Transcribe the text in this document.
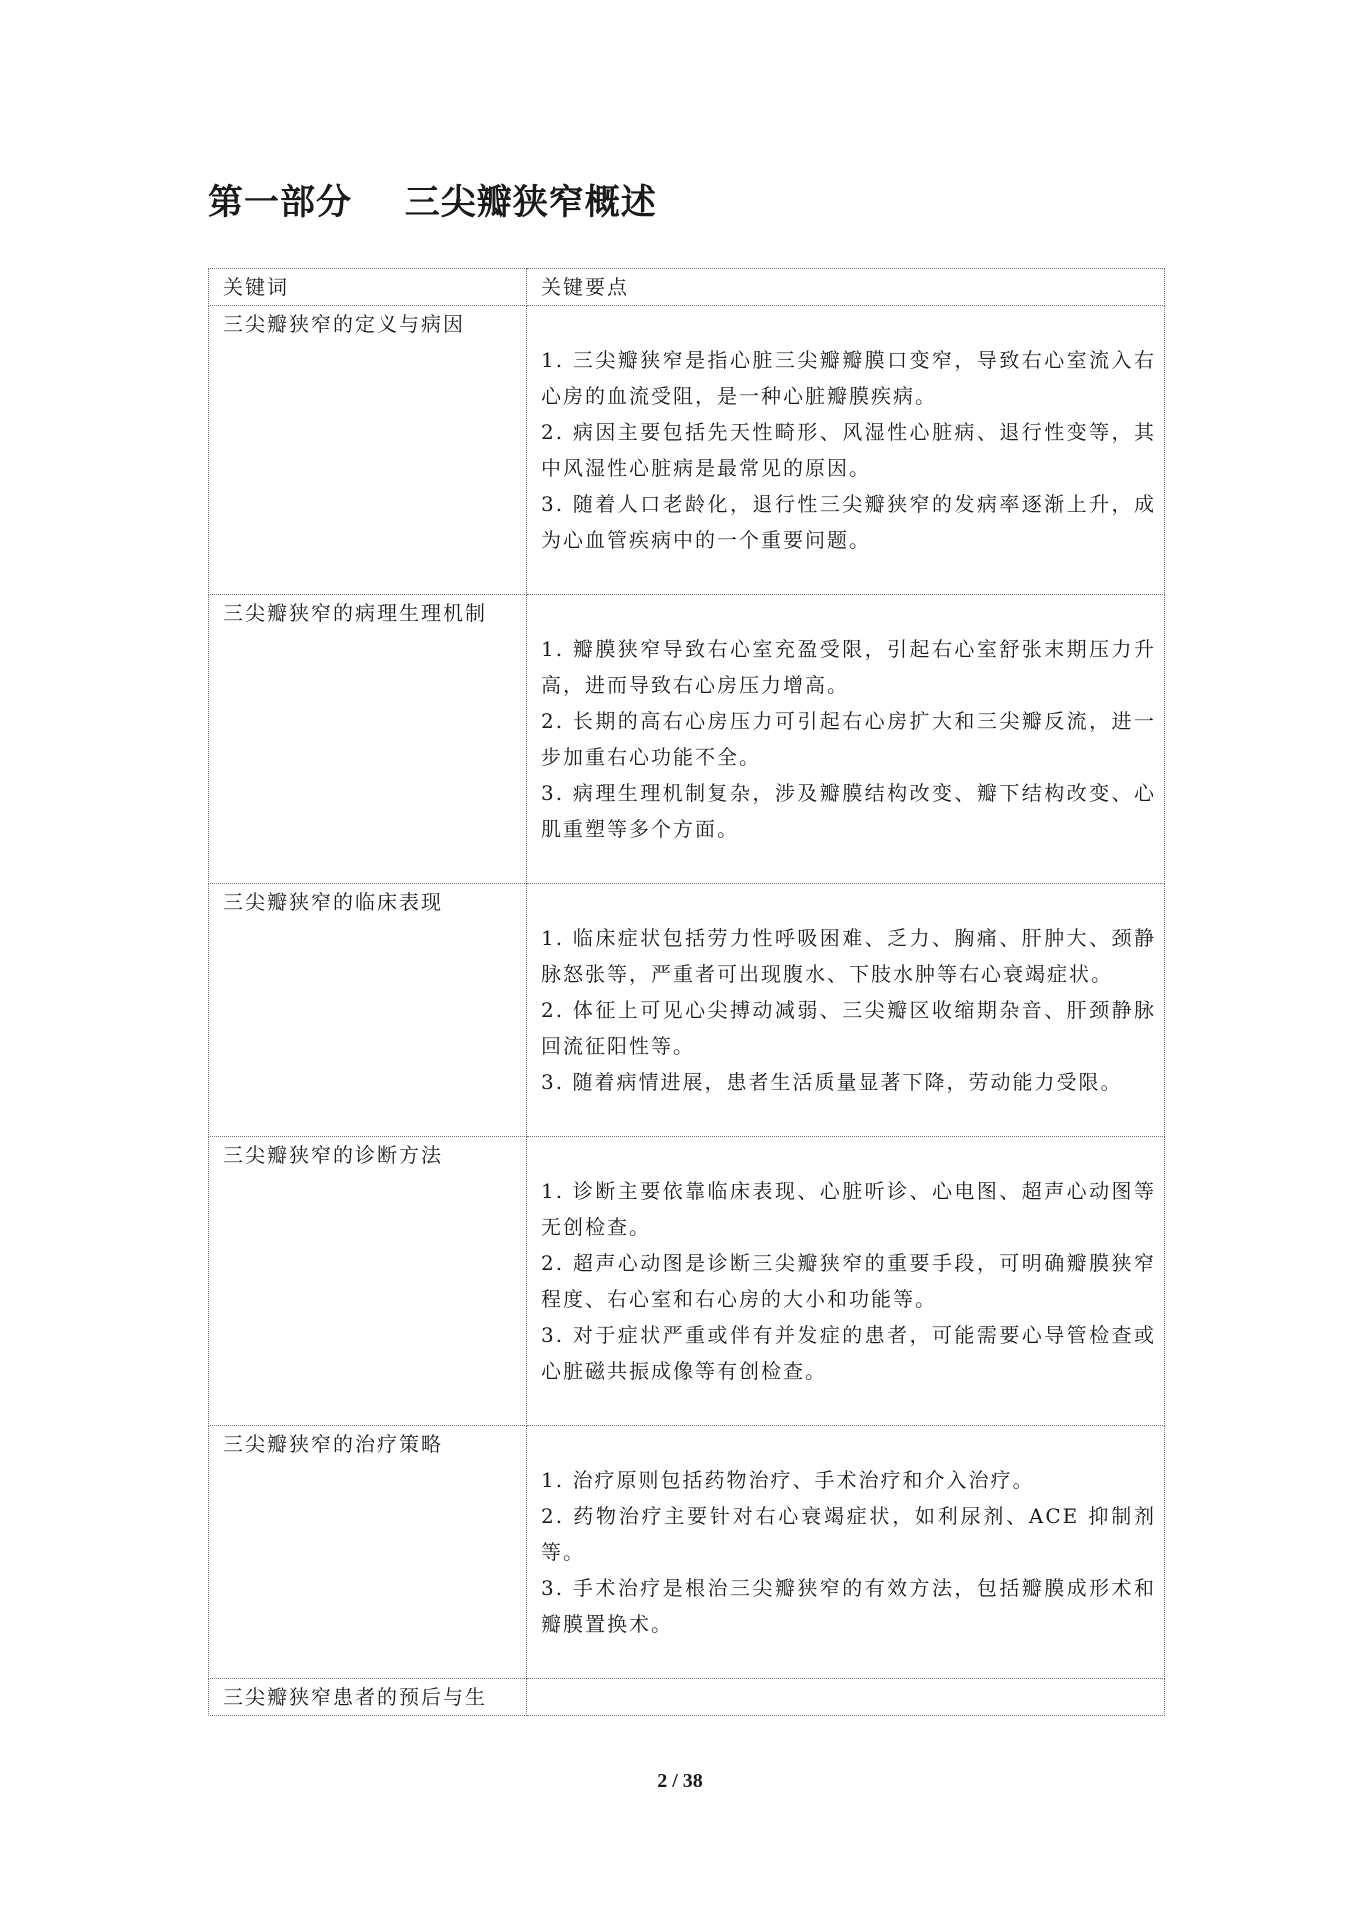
第一部分    三尖瓣狭窄概述
关键词	关键要点
三尖瓣狭窄的定义与病因	1. 三尖瓣狭窄是指心脏三尖瓣瓣膜口变窄，导致右心室流入右心房的血流受阻，是一种心脏瓣膜疾病。

2. 病因主要包括先天性畸形、风湿性心脏病、退行性变等，其中风湿性心脏病是最常见的原因。

3. 随着人口老龄化，退行性三尖瓣狭窄的发病率逐渐上升，成为心血管疾病中的一个重要问题。

三尖瓣狭窄的病理生理机制	1. 瓣膜狭窄导致右心室充盈受限，引起右心室舒张末期压力升高，进而导致右心房压力增高。

2. 长期的高右心房压力可引起右心房扩大和三尖瓣反流，进一步加重右心功能不全。

3. 病理生理机制复杂，涉及瓣膜结构改变、瓣下结构改变、心肌重塑等多个方面。

三尖瓣狭窄的临床表现	1. 临床症状包括劳力性呼吸困难、乏力、胸痛、肝肿大、颈静脉怒张等，严重者可出现腹水、下肢水肿等右心衰竭症状。

2. 体征上可见心尖搏动减弱、三尖瓣区收缩期杂音、肝颈静脉回流征阳性等。

3. 随着病情进展，患者生活质量显著下降，劳动能力受限。

三尖瓣狭窄的诊断方法	1. 诊断主要依靠临床表现、心脏听诊、心电图、超声心动图等无创检查。

2. 超声心动图是诊断三尖瓣狭窄的重要手段，可明确瓣膜狭窄程度、右心室和右心房的大小和功能等。

3. 对于症状严重或伴有并发症的患者，可能需要心导管检查或心脏磁共振成像等有创检查。

三尖瓣狭窄的治疗策略	1. 治疗原则包括药物治疗、手术治疗和介入治疗。

2. 药物治疗主要针对右心衰竭症状，如利尿剂、ACE 抑制剂等。

3. 手术治疗是根治三尖瓣狭窄的有效方法，包括瓣膜成形术和瓣膜置换术。

三尖瓣狭窄患者的预后与生	
2 / 38
